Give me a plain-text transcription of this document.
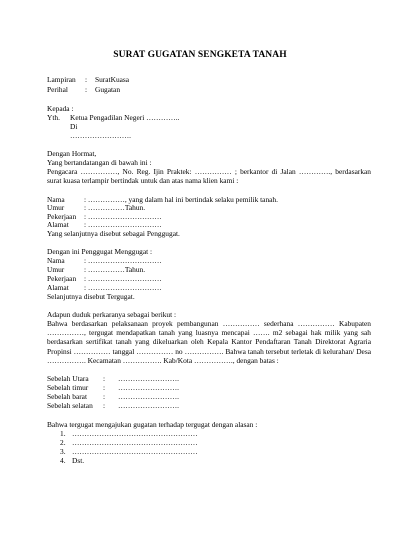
SURAT GUGATAN SENGKETA TANAH
Lampiran : SuratKuasa
Perihal : Gugatan
Kepada :
Yth. Ketua Pengadilan Negeri …………..
Di
…………………….
Dengan Hormat,
Yang bertandatangan di bawah ini :
Pengacara ……………, No. Reg. Ijin Praktek: …………… ; berkantor di Jalan …………., berdasarkan surat kuasa terlampir bertindak untuk dan atas nama klien kami :
Nama	: ……………, yang dalam hal ini bertindak selaku pemilik tanah.
Umur	: ……………Tahun.
Pekerjaan : …………………………
Alamat : …………………………
Yang selanjutnya disebut sebagai Penggugat.
Dengan ini Penggugat Menggugat :
Nama	: …………………………
Umur	: ……………Tahun.
Pekerjaan : …………………………
Alamat : …………………………
Selanjutnya disebut Tergugat.
Adapun duduk perkaranya sebagai berikut :
Bahwa berdasarkan pelaksanaan proyek pembangunan …………… sederhana …………… Kabupaten ……………, tergugat mendapatkan tanah yang luasnya mencapai ……. m2 sebagai hak milik yang sah berdasarkan sertifikat tanah yang dikeluarkan oleh Kepala Kantor Pendaftaran Tanah Direktorat Agraria Propinsi …………… tanggal …………… no ……………. Bahwa tanah tersebut terletak di kelurahan/ Desa ……………. Kecamatan ……………. Kab/Kota ……………., dengan batas :
Sebelah Utara : …………………….
Sebelah timur : …………………….
Sebelah barat : …………………….
Sebelah selatan : …………………….
Bahwa tergugat mengajukan gugatan terhadap tergugat dengan alasan :
1. ……………………………………………
2. ……………………………………………
3. ……………………………………………
4. Dst.
